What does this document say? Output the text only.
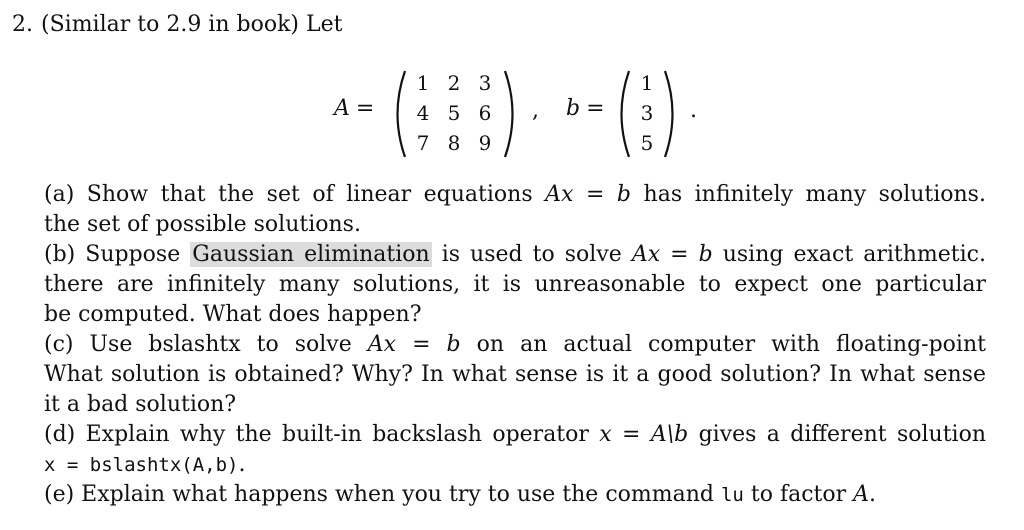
2. (Similar to 2.9 in book) Let
A =
1 2 3
4 5 6
7 8 9
, b =
1
3
5
.
(a) Show that the set of linear equations Ax = b has infinitely many solutions.
the set of possible solutions.
(b) Suppose Gaussian elimination is used to solve Ax = b using exact arithmetic.
there are infinitely many solutions, it is unreasonable to expect one particular
be computed. What does happen?
(c) Use bslashtx to solve Ax = b on an actual computer with floating-point
What solution is obtained? Why? In what sense is it a good solution? In what sense
it a bad solution?
(d) Explain why the built-in backslash operator x = A\b gives a different solution
x = bslashtx(A,b).
(e) Explain what happens when you try to use the command lu to factor A.
